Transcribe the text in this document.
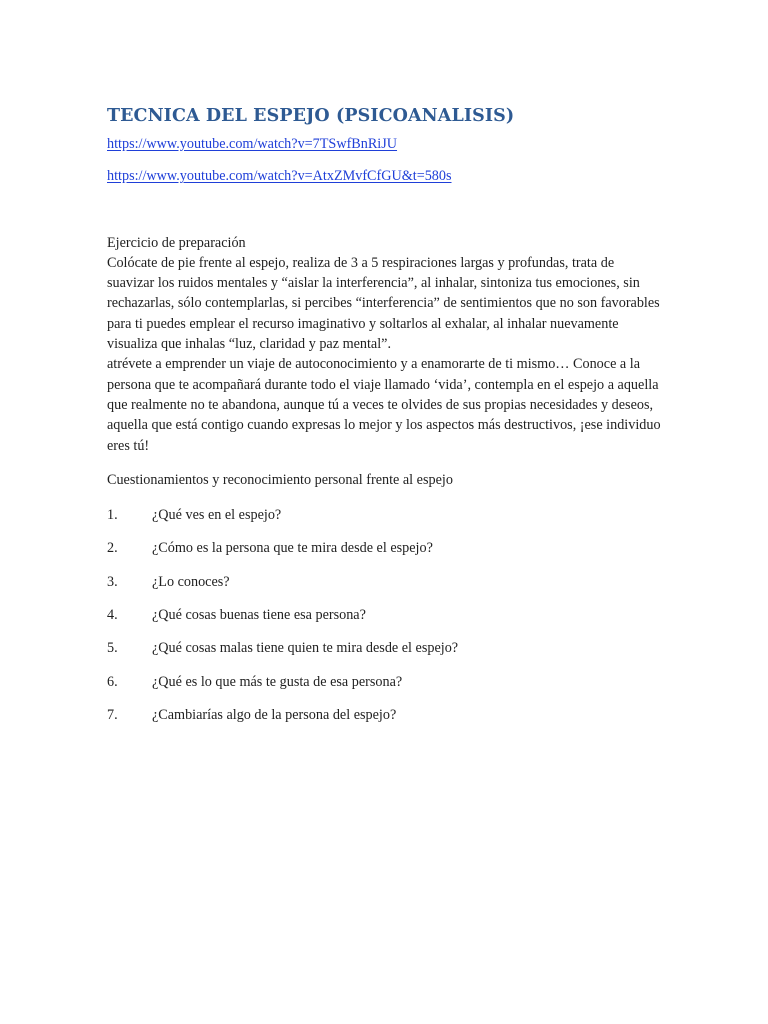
TECNICA DEL ESPEJO (PSICOANALISIS)
https://www.youtube.com/watch?v=7TSwfBnRiJU
https://www.youtube.com/watch?v=AtxZMvfCfGU&t=580s
Ejercicio de preparación

Colócate de pie frente al espejo, realiza de 3 a 5 respiraciones largas y profundas, trata de suavizar los ruidos mentales y “aislar la interferencia”, al inhalar, sintoniza tus emociones, sin rechazarlas, sólo contemplarlas, si percibes “interferencia” de sentimientos que no son favorables para ti puedes emplear el recurso imaginativo y soltarlos al exhalar, al inhalar nuevamente visualiza que inhalas “luz, claridad y paz mental”.

atrévete a emprender un viaje de autoconocimiento y a enamorarte de ti mismo… Conoce a la persona que te acompañará durante todo el viaje llamado ‘vida’, contempla en el espejo a aquella que realmente no te abandona, aunque tú a veces te olvides de sus propias necesidades y deseos, aquella que está contigo cuando expresas lo mejor y los aspectos más destructivos, ¡ese individuo eres tú!

Cuestionamientos y reconocimiento personal frente al espejo
1.	¿Qué ves en el espejo?
2.	¿Cómo es la persona que te mira desde el espejo?
3.	¿Lo conoces?
4.	¿Qué cosas buenas tiene esa persona?
5.	¿Qué cosas malas tiene quien te mira desde el espejo?
6.	¿Qué es lo que más te gusta de esa persona?
7.	¿Cambiarías algo de la persona del espejo?
